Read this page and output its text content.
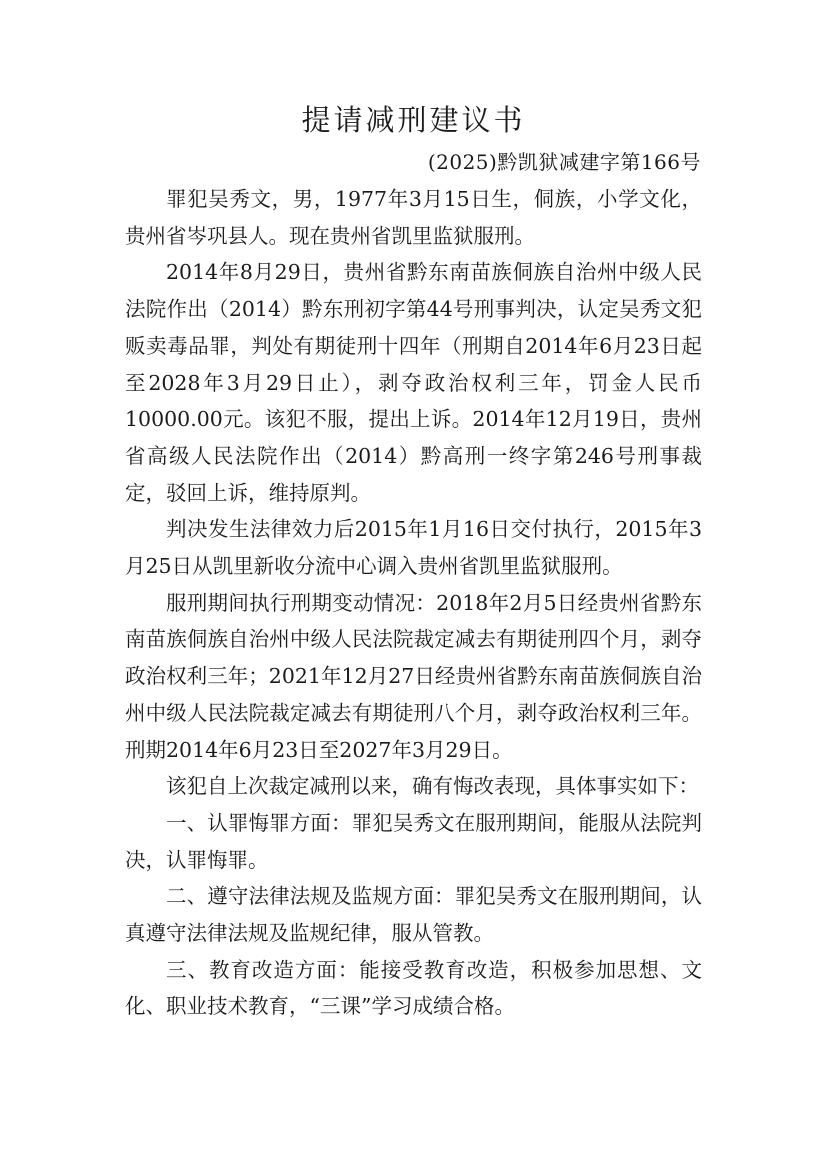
提请减刑建议书
(2025)黔凯狱减建字第166号

罪犯吴秀文，男，1977年3月15日生，侗族，小学文化，贵州省岑巩县人。现在贵州省凯里监狱服刑。

2014年8月29日，贵州省黔东南苗族侗族自治州中级人民法院作出（2014）黔东刑初字第44号刑事判决，认定吴秀文犯贩卖毒品罪，判处有期徒刑十四年（刑期自2014年6月23日起至2028年3月29日止），剥夺政治权利三年，罚金人民币10000.00元。该犯不服，提出上诉。2014年12月19日，贵州省高级人民法院作出（2014）黔高刑一终字第246号刑事裁定，驳回上诉，维持原判。

判决发生法律效力后2015年1月16日交付执行，2015年3月25日从凯里新收分流中心调入贵州省凯里监狱服刑。

服刑期间执行刑期变动情况：2018年2月5日经贵州省黔东南苗族侗族自治州中级人民法院裁定减去有期徒刑四个月，剥夺政治权利三年；2021年12月27日经贵州省黔东南苗族侗族自治州中级人民法院裁定减去有期徒刑八个月，剥夺政治权利三年。刑期2014年6月23日至2027年3月29日。

该犯自上次裁定减刑以来，确有悔改表现，具体事实如下：

一、认罪悔罪方面：罪犯吴秀文在服刑期间，能服从法院判决，认罪悔罪。

二、遵守法律法规及监规方面：罪犯吴秀文在服刑期间，认真遵守法律法规及监规纪律，服从管教。

三、教育改造方面：能接受教育改造，积极参加思想、文化、职业技术教育，“三课”学习成绩合格。
